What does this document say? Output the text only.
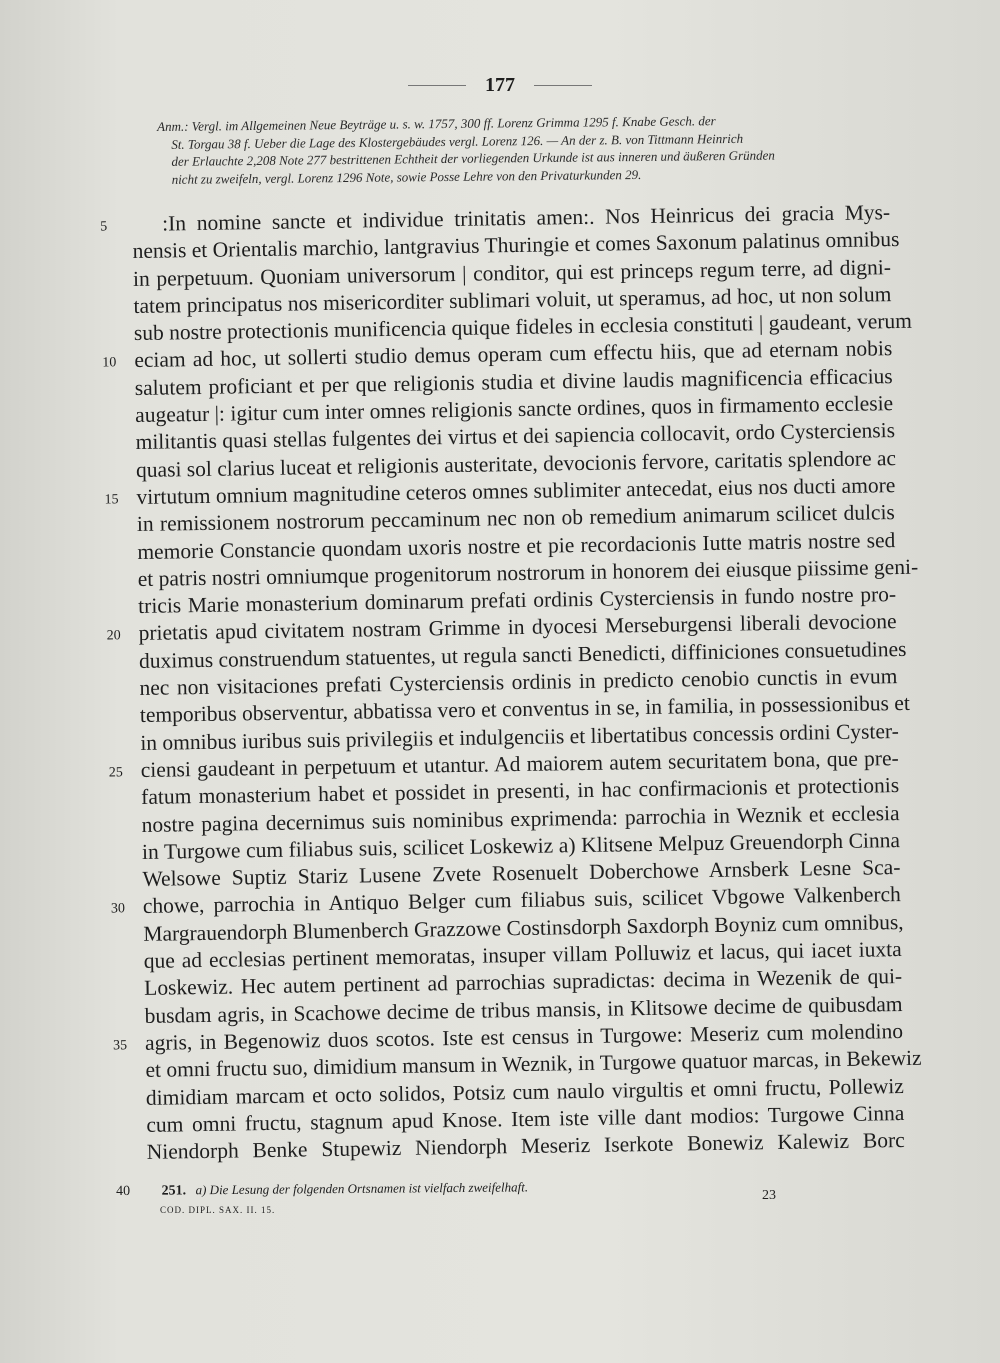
177
Anm.: Vergl. im Allgemeinen Neue Beyträge u. s. w. 1757, 300 ff. Lorenz Grimma 1295 f. Knabe Gesch. der
St. Torgau 38 f. Ueber die Lage des Klostergebäudes vergl. Lorenz 126. — An der z. B. von Tittmann Heinrich
der Erlauchte 2,208 Note 277 bestrittenen Echtheit der vorliegenden Urkunde ist aus inneren und äußeren Gründen
nicht zu zweifeln, vergl. Lorenz 1296 Note, sowie Posse Lehre von den Privaturkunden 29.
5	:In nomine sancte et individue trinitatis amen:. Nos Heinricus dei gracia Mys-
nensis et Orientalis marchio, lantgravius Thuringie et comes Saxonum palatinus omnibus
in perpetuum. Quoniam universorum | conditor, qui est princeps regum terre, ad digni-
tatem principatus nos misericorditer sublimari voluit, ut speramus, ad hoc, ut non solum
sub nostre protectionis munificencia quique fideles in ecclesia constituti | gaudeant, verum
10 eciam ad hoc, ut sollerti studio demus operam cum effectu hiis, que ad eternam nobis
salutem proficiant et per que religionis studia et divine laudis magnificencia efficacius
augeatur |: igitur cum inter omnes religionis sancte ordines, quos in firmamento ecclesie
militantis quasi stellas fulgentes dei virtus et dei sapiencia collocavit, ordo Cysterciensis
quasi sol clarius luceat et religionis austeritate, devocionis fervore, caritatis splendore ac
15 virtutum omnium magnitudine ceteros omnes sublimiter antecedat, eius nos ducti amore
in remissionem nostrorum peccaminum nec non ob remedium animarum scilicet dulcis
memorie Constancie quondam uxoris nostre et pie recordacionis Iutte matris nostre sed
et patris nostri omniumque progenitorum nostrorum in honorem dei eiusque piissime geni-
tricis Marie monasterium dominarum prefati ordinis Cysterciensis in fundo nostre pro-
20 prietatis apud civitatem nostram Grimme in dyocesi Merseburgensi liberali devocione
duximus construendum statuentes, ut regula sancti Benedicti, diffiniciones consuetudines
nec non visitaciones prefati Cysterciensis ordinis in predicto cenobio cunctis in evum
temporibus observentur, abbatissa vero et conventus in se, in familia, in possessionibus et
in omnibus iuribus suis privilegiis et indulgenciis et libertatibus concessis ordini Cyster-
25 ciensi gaudeant in perpetuum et utantur. Ad maiorem autem securitatem bona, que pre-
fatum monasterium habet et possidet in presenti, in hac confirmacionis et protectionis
nostre pagina decernimus suis nominibus exprimenda: parrochia in Weznik et ecclesia
in Turgowe cum filiabus suis, scilicet Loskewiz a) Klitsene Melpuz Greuendorph Cinna
Welsowe Suptiz Stariz Lusene Zvete Rosenuelt Doberchowe Arnsberk Lesne Sca-
30 chowe, parrochia in Antiquo Belger cum filiabus suis, scilicet Vbgowe Valkenberch
Margrauendorph Blumenberch Grazzowe Costinsdorph Saxdorph Boyniz cum omnibus,
que ad ecclesias pertinent memoratas, insuper villam Polluwiz et lacus, qui iacet iuxta
Loskewiz. Hec autem pertinent ad parrochias supradictas: decima in Wezenik de qui-
busdam agris, in Scachowe decime de tribus mansis, in Klitsowe decime de quibusdam
35 agris, in Begenowiz duos scotos. Iste est census in Turgowe: Meseriz cum molendino
et omni fructu suo, dimidium mansum in Weznik, in Turgowe quatuor marcas, in Bekewiz
dimidiam marcam et octo solidos, Potsiz cum naulo virgultis et omni fructu, Pollewiz
cum omni fructu, stagnum apud Knose. Item iste ville dant modios: Turgowe Cinna
Niendorph Benke Stupewiz Niendorph Meseriz Iserkote Bonewiz Kalewiz Borc
40 251. a) Die Lesung der folgenden Ortsnamen ist vielfach zweifelhaft.	23
COD. DIPL. SAX. II. 15.
